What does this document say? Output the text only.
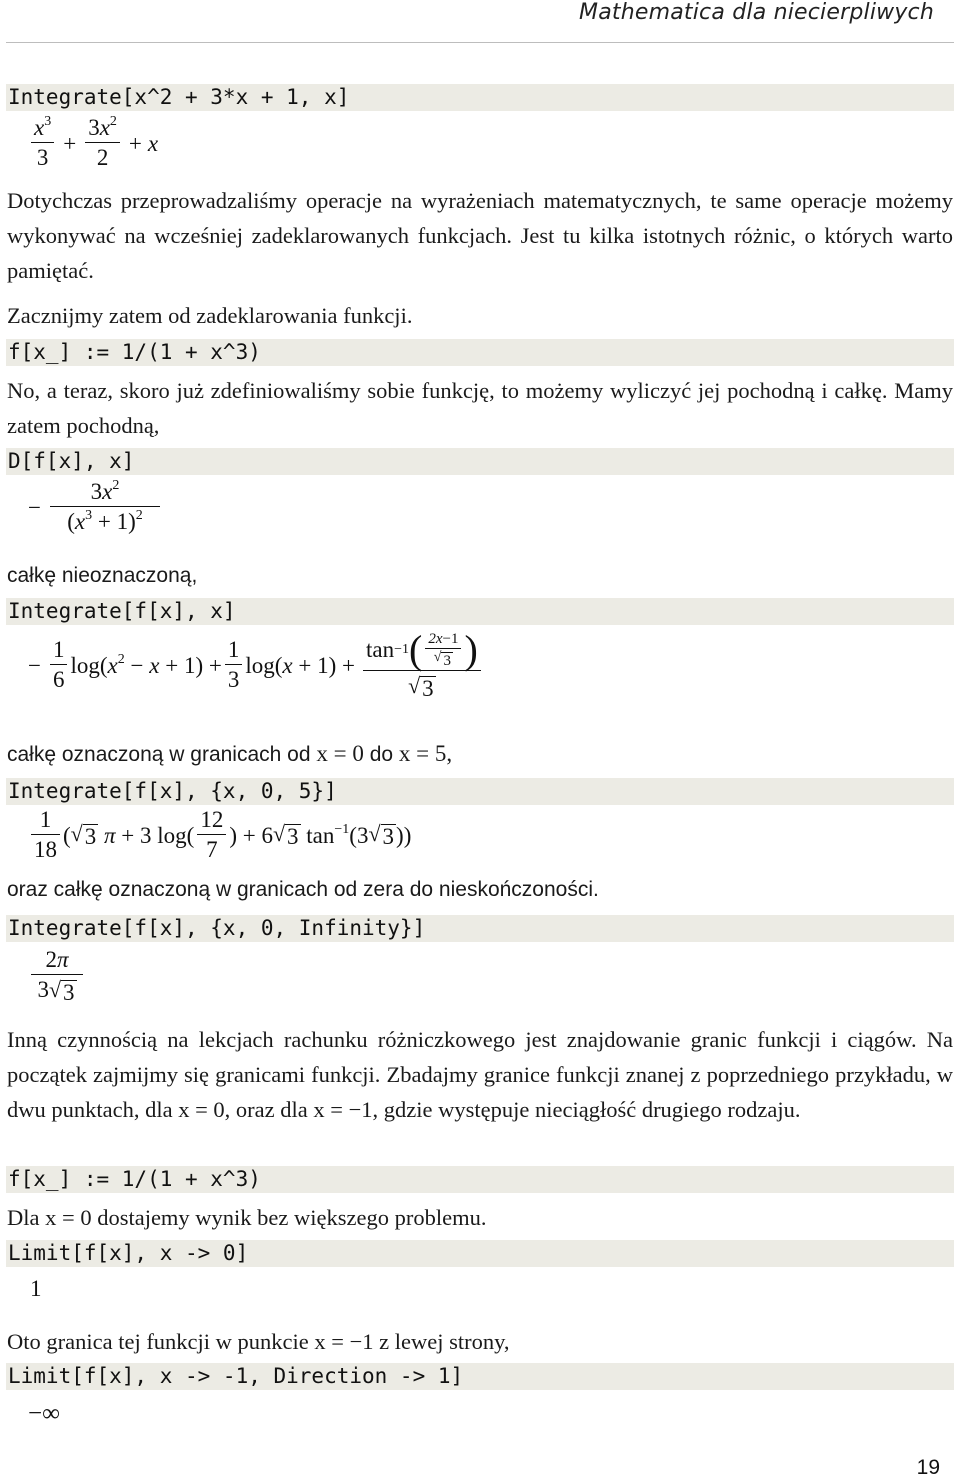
Mathematica dla niecierpliwych
Integrate[x^2 + 3*x + 1, x]
$\frac{x^3}{3} + \frac{3x^2}{2} + x$
Dotychczas przeprowadzaliśmy operacje na wyrażeniach matematycznych, te same operacje możemy wykonywać na wcześniej zadeklarowanych funkcjach. Jest tu kilka istotnych różnic, o których warto pamiętać.
Zacznijmy zatem od zadeklarowania funkcji.
f[x_] := 1/(1 + x^3)
No, a teraz, skoro już zdefiniowaliśmy sobie funkcję, to możemy wyliczyć jej pochodną i całkę. Mamy zatem pochodną,
D[f[x], x]
− $\frac{3x^2}{(x^3 + 1)^2}$
całkę nieoznaczoną,
Integrate[f[x], x]
− $\frac{1}{6} \log(x^2 - x + 1) + \frac{1}{3} \log(x + 1) + \frac{\tan -1 ( \frac{2x-1}{√ 3} )}{√ 3}$
całkę oznaczoną w granicach od x = 0 do x = 5,
Integrate[f[x], {x, 0, 5}]
$\frac{1}{18}$ ( √ 3 π + 3 $\log( \frac{12}{7}$ ) + 6 √ 3 $\tan^{-1}(3$ √ 3 ))
oraz całkę oznaczoną w granicach od zera do nieskończoności.
Integrate[f[x], {x, 0, Infinity}]
$\frac{2\pi}{3 √ 3}$
Inną czynnością na lekcjach rachunku różniczkowego jest znajdowanie granic funkcji i ciągów. Na początek zajmijmy się granicami funkcji. Zbadajmy granice funkcji znanej z poprzedniego przykładu, w dwu punktach, dla x = 0, oraz dla x = −1, gdzie występuje nieciągłość drugiego rodzaju.
f[x_] := 1/(1 + x^3)
Dla x = 0 dostajemy wynik bez większego problemu.
Limit[f[x], x -> 0]
1
Oto granica tej funkcji w punkcie x = −1 z lewej strony,
Limit[f[x], x -> -1, Direction -> 1]
−∞
19
